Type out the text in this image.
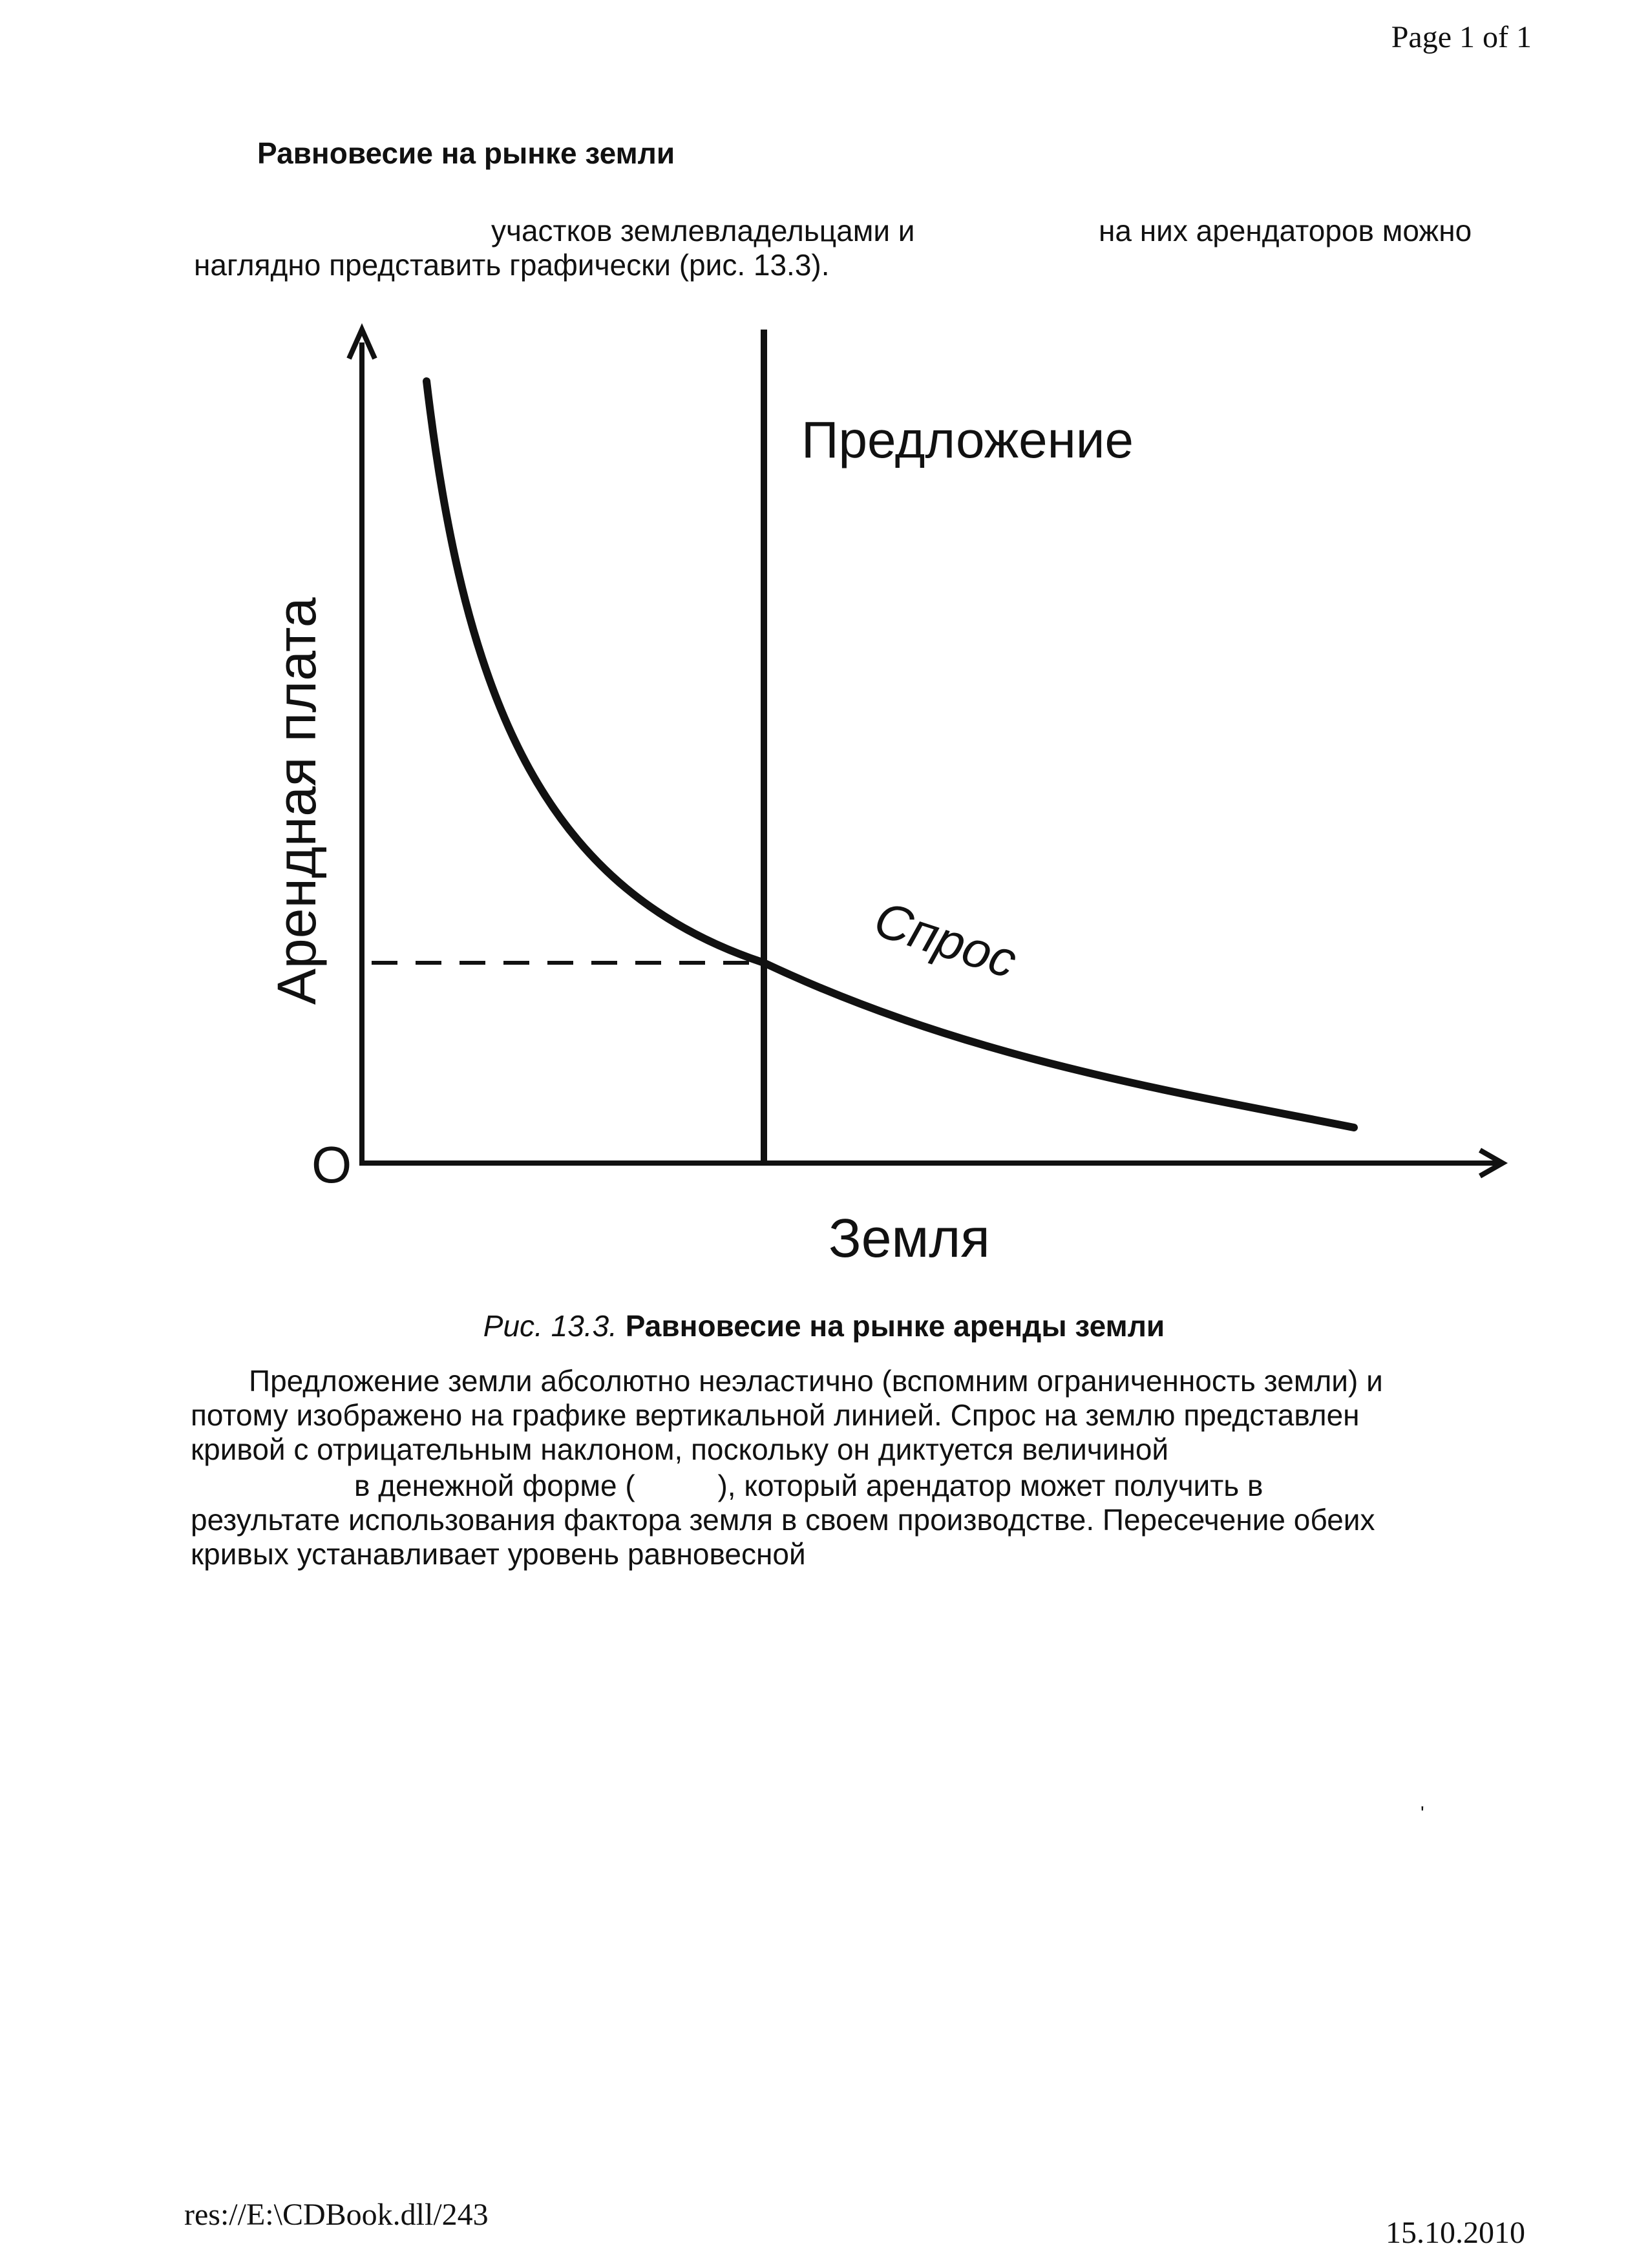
Page 1 of 1
Равновесие на рынке земли
участков землевладельцами и	на них арендаторов можно
наглядно представить графически (рис. 13.3).
O
Предложение
Спрос
Арендная плата
Земля
Рис. 13.3. Равновесие на рынке аренды земли
Предложение земли абсолютно неэластично (вспомним ограниченность земли) и
потому изображено на графике вертикальной линией. Спрос на землю представлен
кривой с отрицательным наклоном, поскольку он диктуется величиной
в денежной форме (          ), который арендатор может получить в
результате использования фактора земля в своем производстве. Пересечение обеих
кривых устанавливает уровень равновесной
'
res://E:\CDBook.dll/243
15.10.2010
